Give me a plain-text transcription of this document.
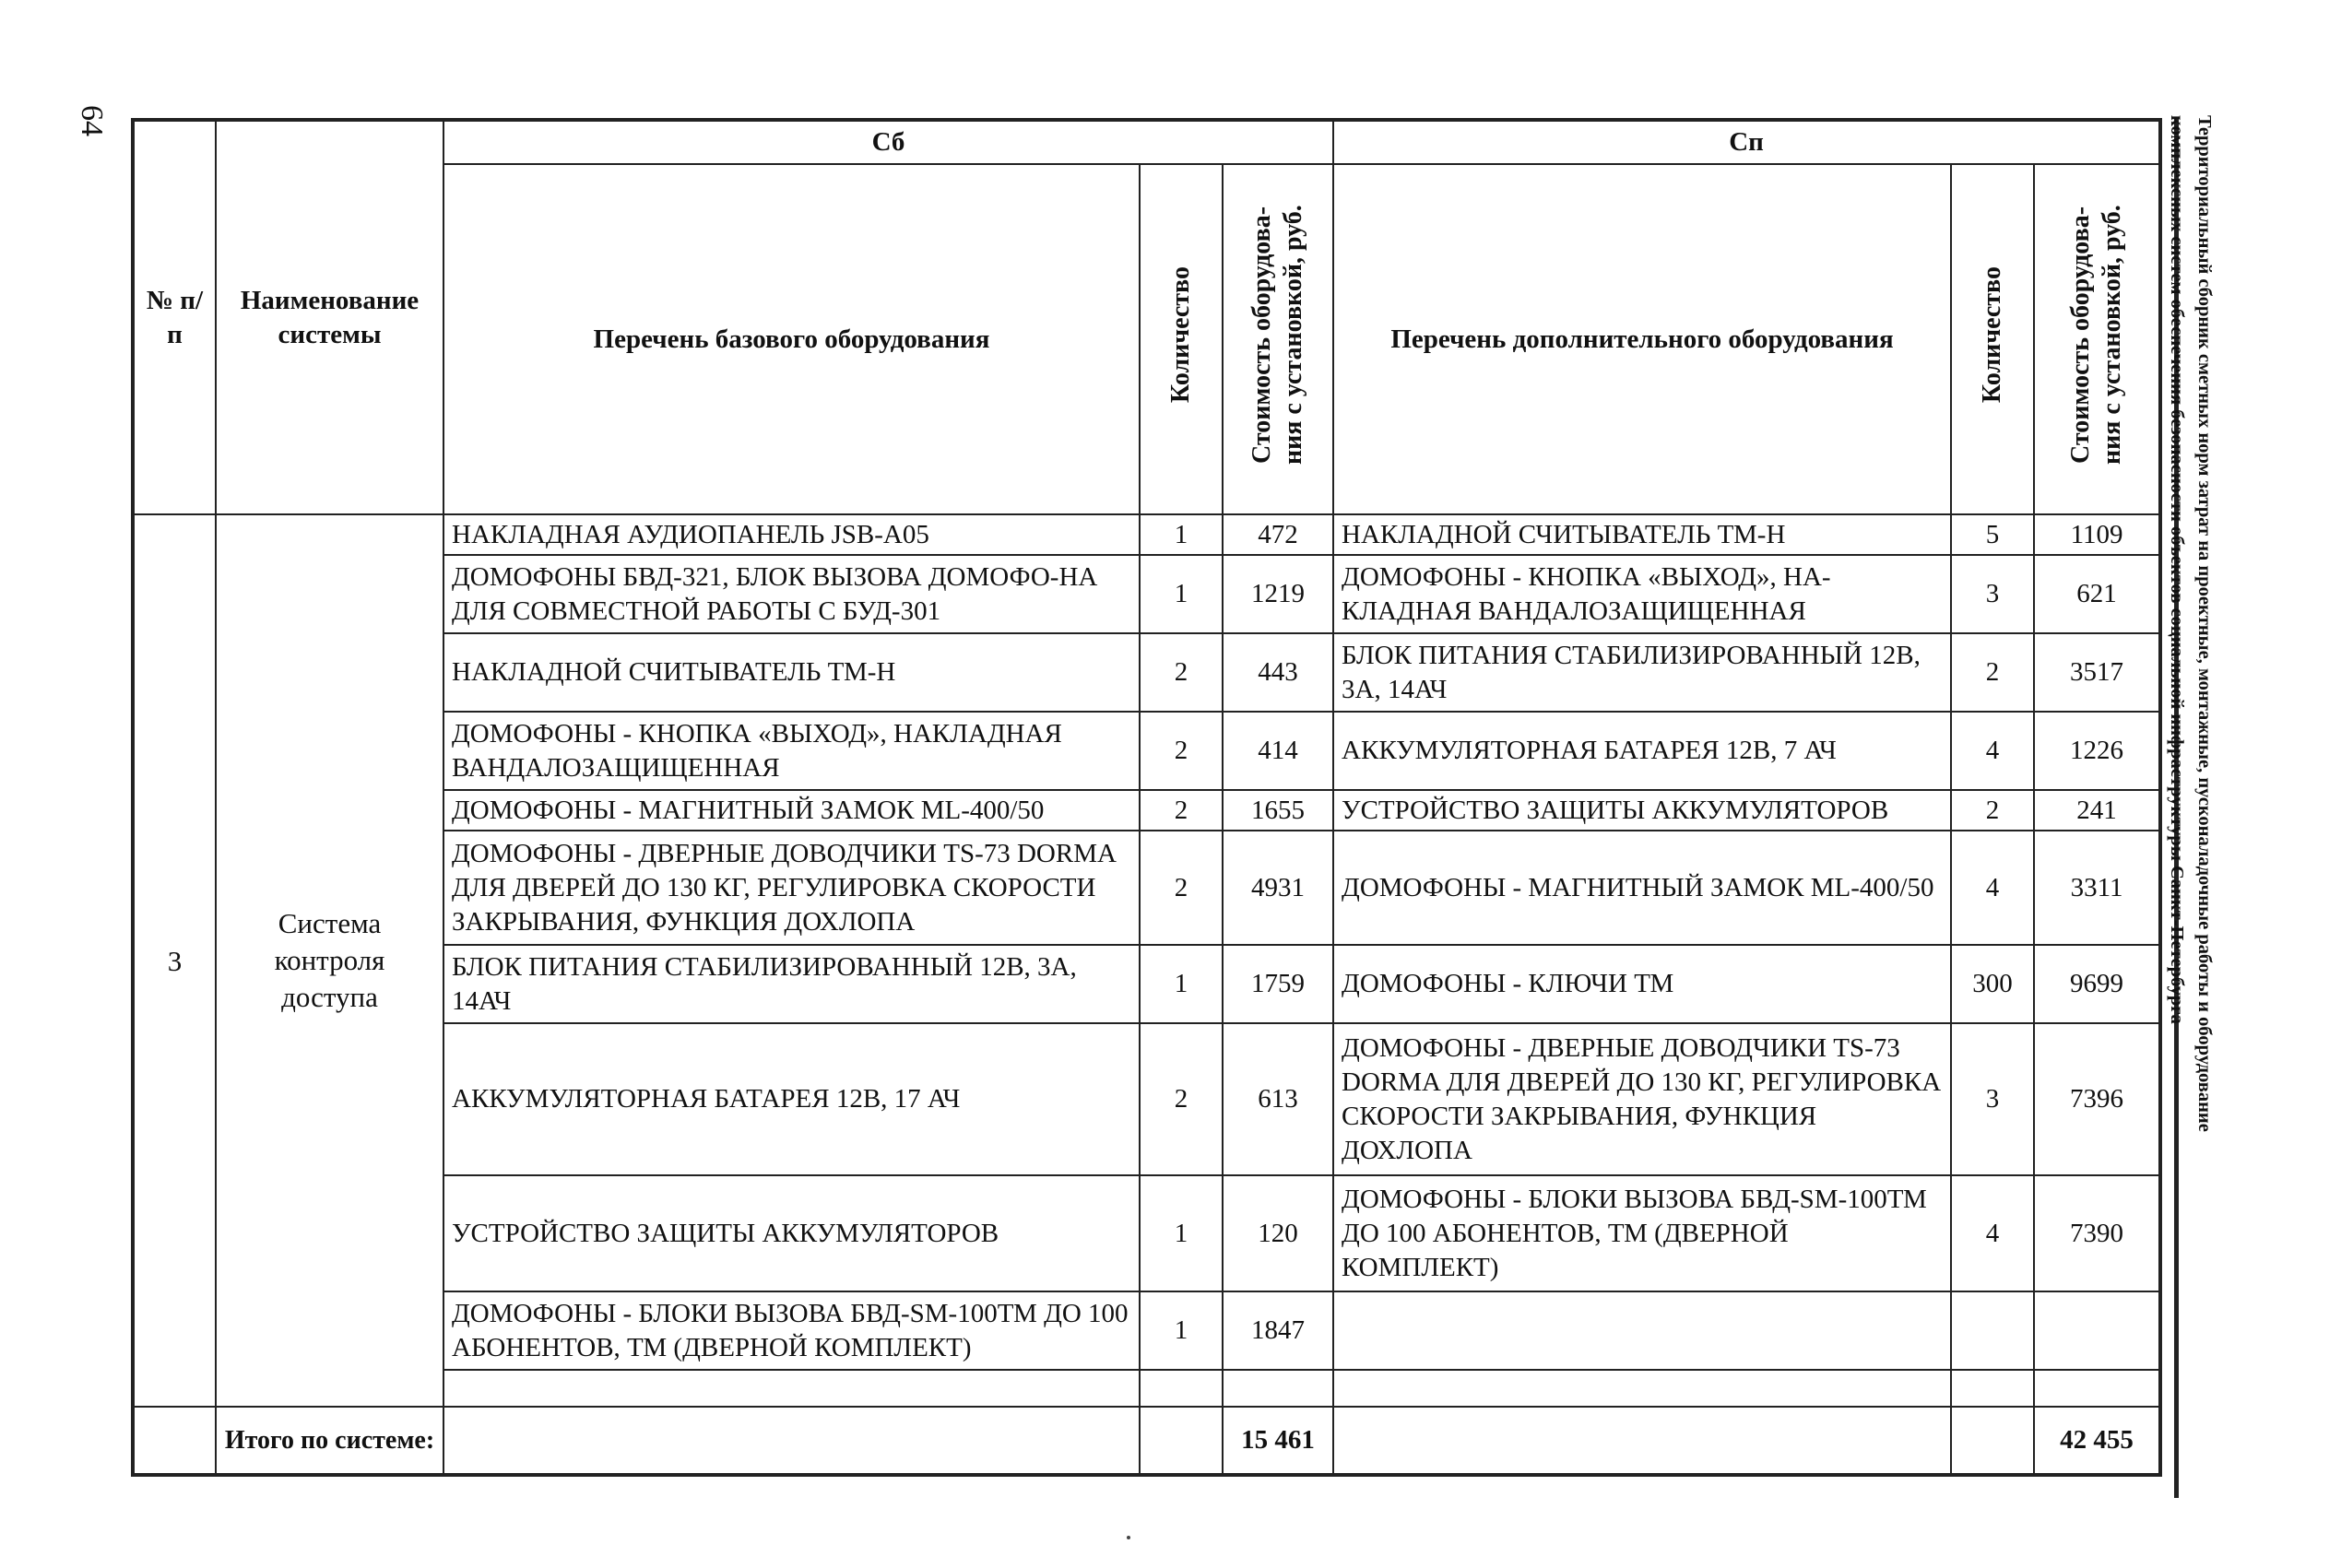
64	Территориальный сборник сметных норм затрат на проектные, монтажные, пусконаладочные работы и оборудование
комплексных систем обеспечения безопасности объектов социальной инфраструктуры Санкт-Петербурга
№ п/п	Наименование системы	Сб			Сп		
		Перечень базового оборудования	Количество	Стоимость оборудова- ния с установкой, руб.	Перечень дополнительного оборудования	Количество	Стоимость оборудова- ния с установкой, руб.
3	Система контроля доступа	НАКЛАДНАЯ АУДИОПАНЕЛЬ JSB-A05	1	472	НАКЛАДНОЙ СЧИТЫВАТЕЛЬ ТМ-Н	5	1109
		ДОМОФОНЫ БВД-321, БЛОК ВЫЗОВА ДОМОФО-НА ДЛЯ СОВМЕСТНОЙ РАБОТЫ С БУД-301	1	1219	ДОМОФОНЫ - КНОПКА «ВЫХОД», НА-КЛАДНАЯ ВАНДАЛОЗАЩИЩЕННАЯ	3	621
		НАКЛАДНОЙ СЧИТЫВАТЕЛЬ ТМ-Н	2	443	БЛОК ПИТАНИЯ СТАБИЛИЗИРОВАННЫЙ 12В, 3А, 14АЧ	2	3517
		ДОМОФОНЫ - КНОПКА «ВЫХОД», НАКЛАДНАЯ ВАНДАЛОЗАЩИЩЕННАЯ	2	414	АККУМУЛЯТОРНАЯ БАТАРЕЯ 12В, 7 АЧ	4	1226
		ДОМОФОНЫ - МАГНИТНЫЙ ЗАМОК ML-400/50	2	1655	УСТРОЙСТВО ЗАЩИТЫ АККУМУЛЯТОРОВ	2	241
		ДОМОФОНЫ - ДВЕРНЫЕ ДОВОДЧИКИ TS-73 DORMA ДЛЯ ДВЕРЕЙ ДО 130 КГ, РЕГУЛИРОВКА СКОРОСТИ ЗАКРЫВАНИЯ, ФУНКЦИЯ ДОХЛОПА	2	4931	ДОМОФОНЫ - МАГНИТНЫЙ ЗАМОК ML-400/50	4	3311
		БЛОК ПИТАНИЯ СТАБИЛИЗИРОВАННЫЙ 12В, 3А, 14АЧ	1	1759	ДОМОФОНЫ - КЛЮЧИ ТМ	300	9699
		АККУМУЛЯТОРНАЯ БАТАРЕЯ 12В, 17 АЧ	2	613	ДОМОФОНЫ - ДВЕРНЫЕ ДОВОДЧИКИ TS-73 DORMA ДЛЯ ДВЕРЕЙ ДО 130 КГ, РЕГУЛИРОВКА СКОРОСТИ ЗАКРЫВАНИЯ, ФУНКЦИЯ ДОХЛОПА	3	7396
		УСТРОЙСТВО ЗАЩИТЫ АККУМУЛЯТОРОВ	1	120	ДОМОФОНЫ - БЛОКИ ВЫЗОВА БВД-SM-100ТМ ДО 100 АБОНЕНТОВ, ТМ (ДВЕРНОЙ КОМПЛЕКТ)	4	7390
		ДОМОФОНЫ - БЛОКИ ВЫЗОВА БВД-SM-100ТМ ДО 100 АБОНЕНТОВ, ТМ (ДВЕРНОЙ КОМПЛЕКТ)	1	1847			

	Итого по системе:			15 461			42 455
